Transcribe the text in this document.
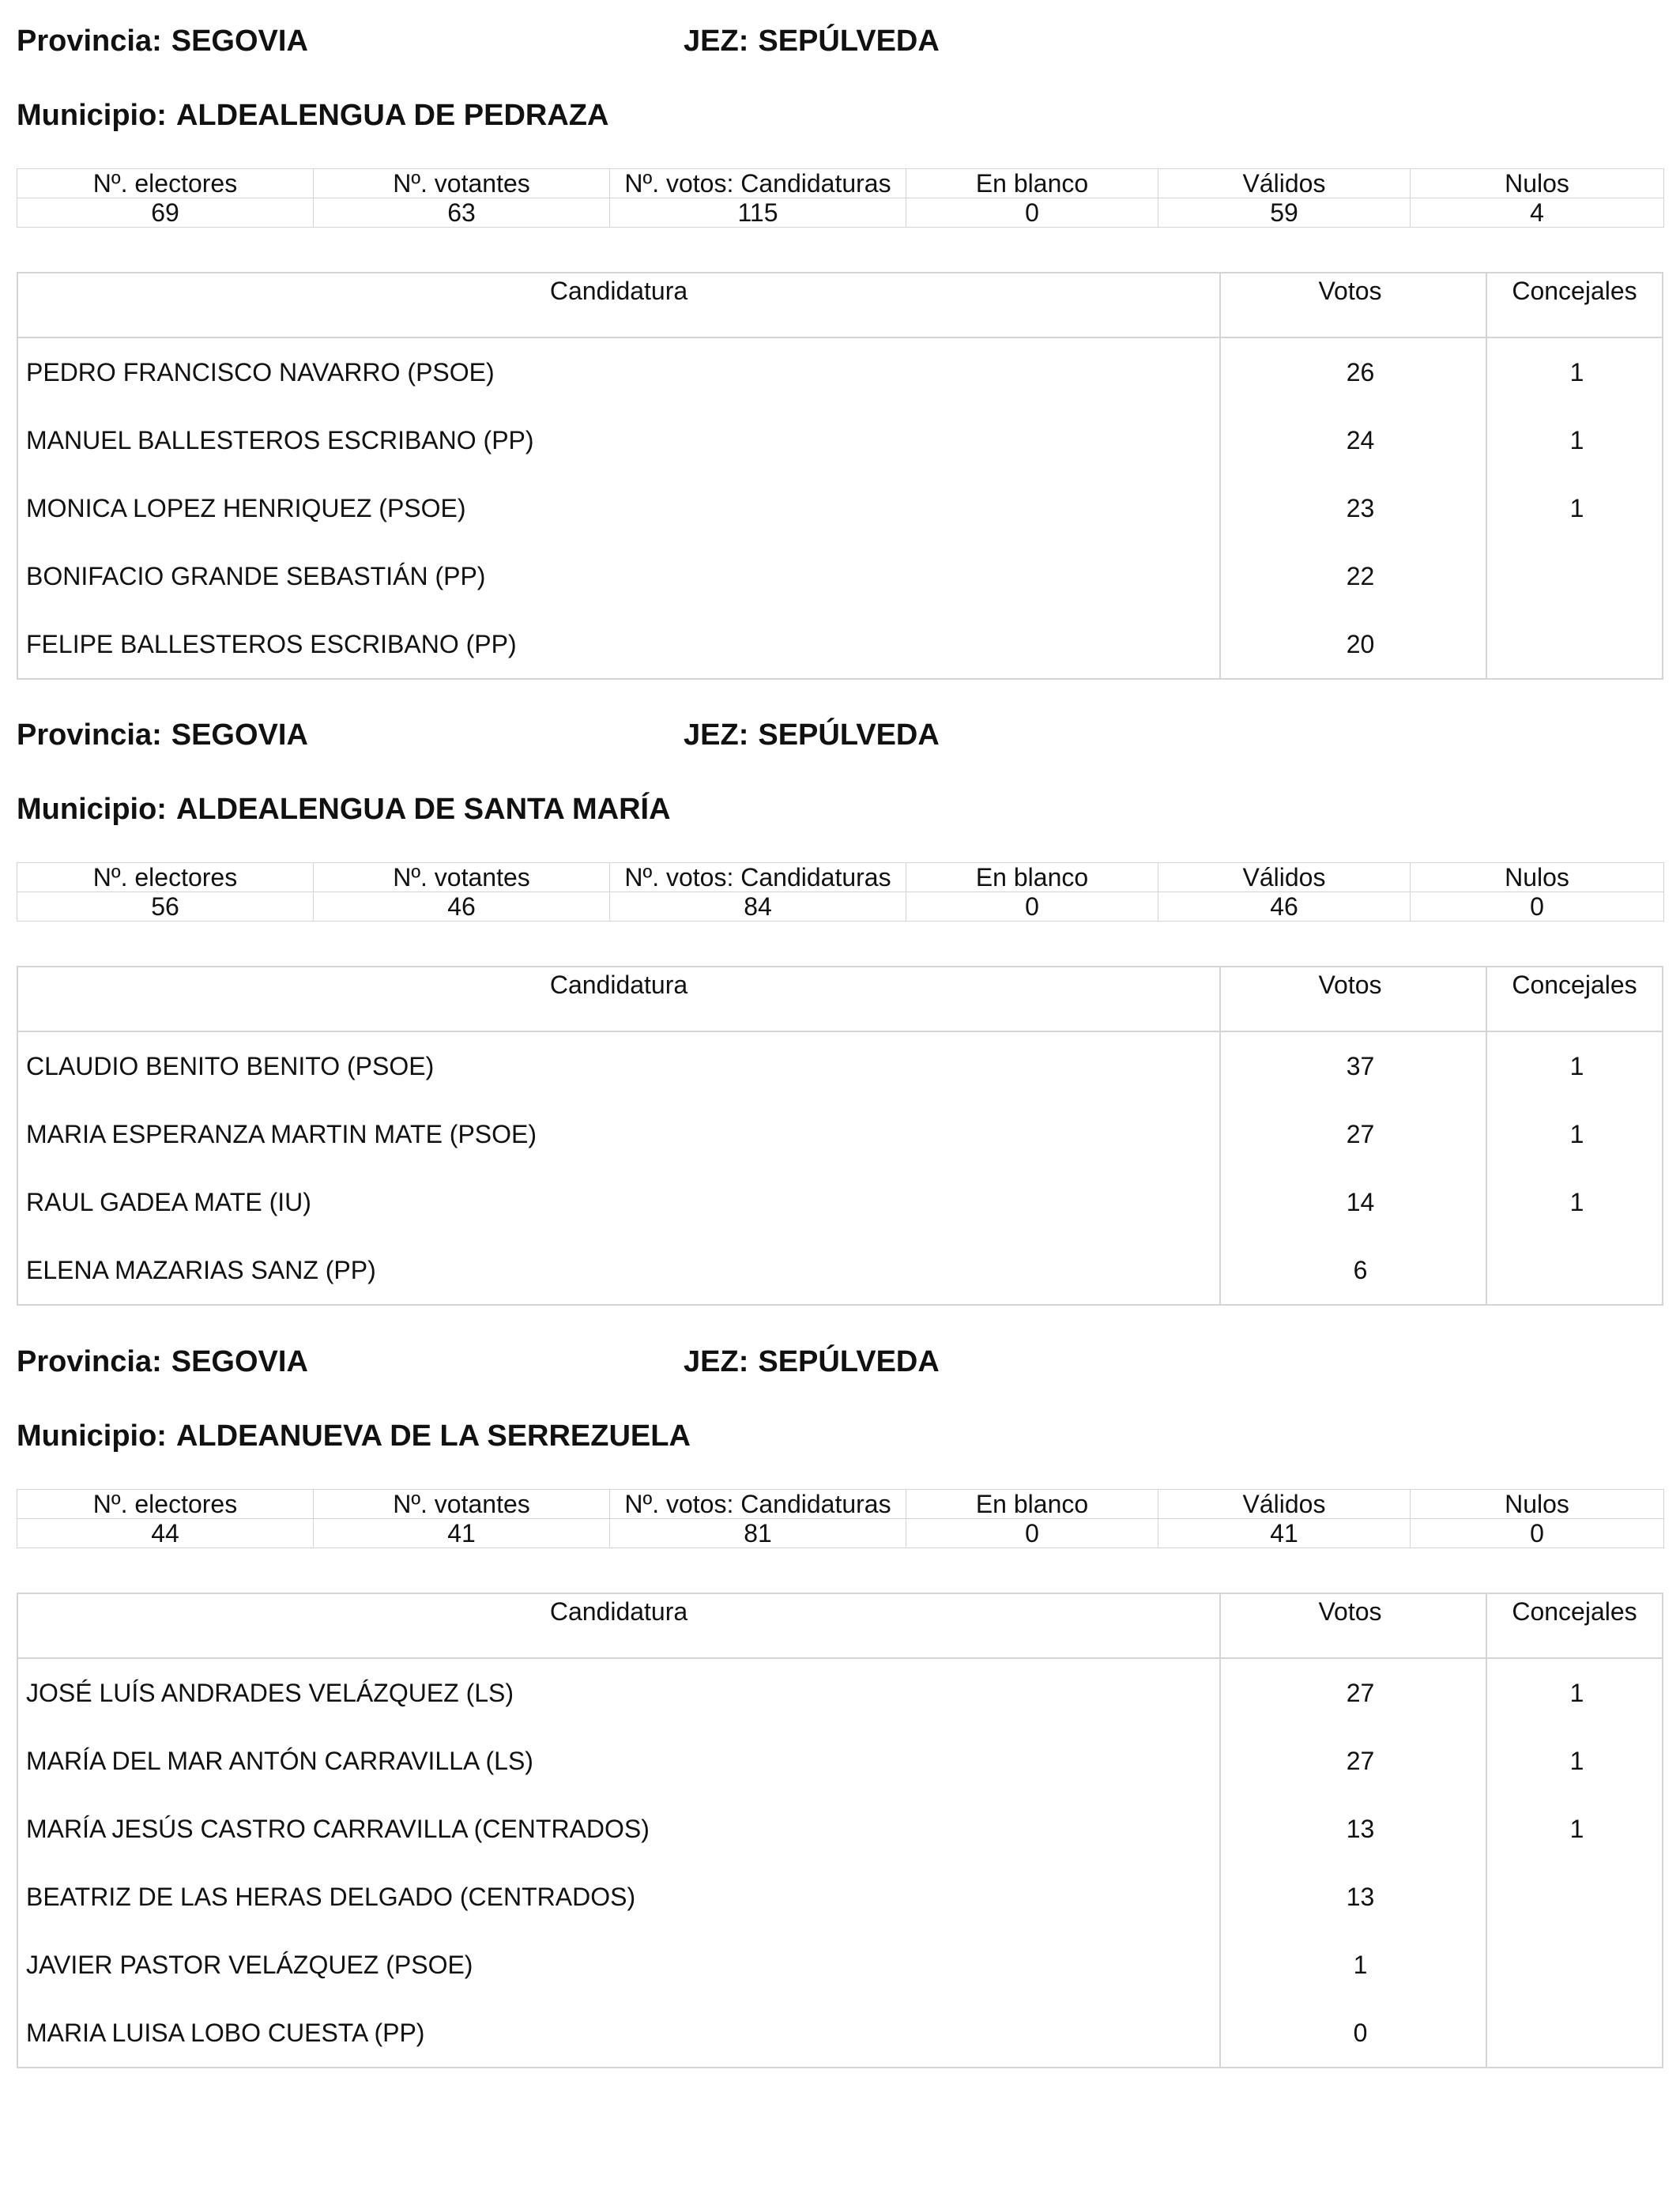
Provincia: SEGOVIA	JEZ: SEPÚLVEDA
Municipio: ALDEALENGUA DE PEDRAZA
Nº. electores	Nº. votantes	Nº. votos: Candidaturas	En blanco	Válidos	Nulos
69	63	115	0	59	4
Candidatura	Votos	Concejales
PEDRO FRANCISCO NAVARRO (PSOE)	26	1
MANUEL BALLESTEROS ESCRIBANO (PP)	24	1
MONICA LOPEZ HENRIQUEZ (PSOE)	23	1
BONIFACIO GRANDE SEBASTIÁN (PP)	22
FELIPE BALLESTEROS ESCRIBANO (PP)	20
Provincia: SEGOVIA	JEZ: SEPÚLVEDA
Municipio: ALDEALENGUA DE SANTA MARÍA
Nº. electores	Nº. votantes	Nº. votos: Candidaturas	En blanco	Válidos	Nulos
56	46	84	0	46	0
Candidatura	Votos	Concejales
CLAUDIO BENITO BENITO (PSOE)	37	1
MARIA ESPERANZA MARTIN MATE (PSOE)	27	1
RAUL GADEA MATE (IU)	14	1
ELENA MAZARIAS SANZ (PP)	6
Provincia: SEGOVIA	JEZ: SEPÚLVEDA
Municipio: ALDEANUEVA DE LA SERREZUELA
Nº. electores	Nº. votantes	Nº. votos: Candidaturas	En blanco	Válidos	Nulos
44	41	81	0	41	0
Candidatura	Votos	Concejales
JOSÉ LUÍS ANDRADES VELÁZQUEZ (LS)	27	1
MARÍA DEL MAR ANTÓN CARRAVILLA (LS)	27	1
MARÍA JESÚS CASTRO CARRAVILLA (CENTRADOS)	13	1
BEATRIZ DE LAS HERAS DELGADO (CENTRADOS)	13
JAVIER PASTOR VELÁZQUEZ (PSOE)	1
MARIA LUISA LOBO CUESTA (PP)	0
